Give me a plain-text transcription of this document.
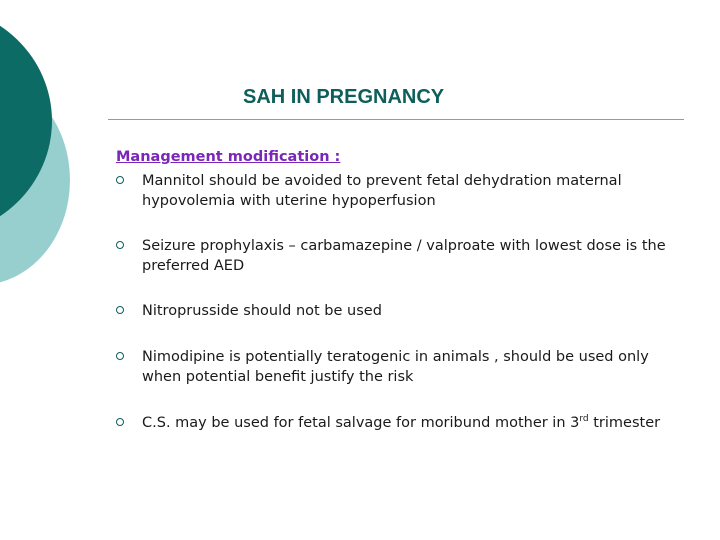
SAH IN PREGNANCY
Management modification :
Mannitol should be avoided to prevent fetal dehydration maternal hypovolemia with uterine hypoperfusion
Seizure prophylaxis – carbamazepine / valproate with lowest dose is the preferred AED
Nitroprusside should not be used
Nimodipine is potentially teratogenic in animals , should be used only when potential benefit justify the risk
C.S. may be used for fetal salvage for moribund mother in 3rd trimester
